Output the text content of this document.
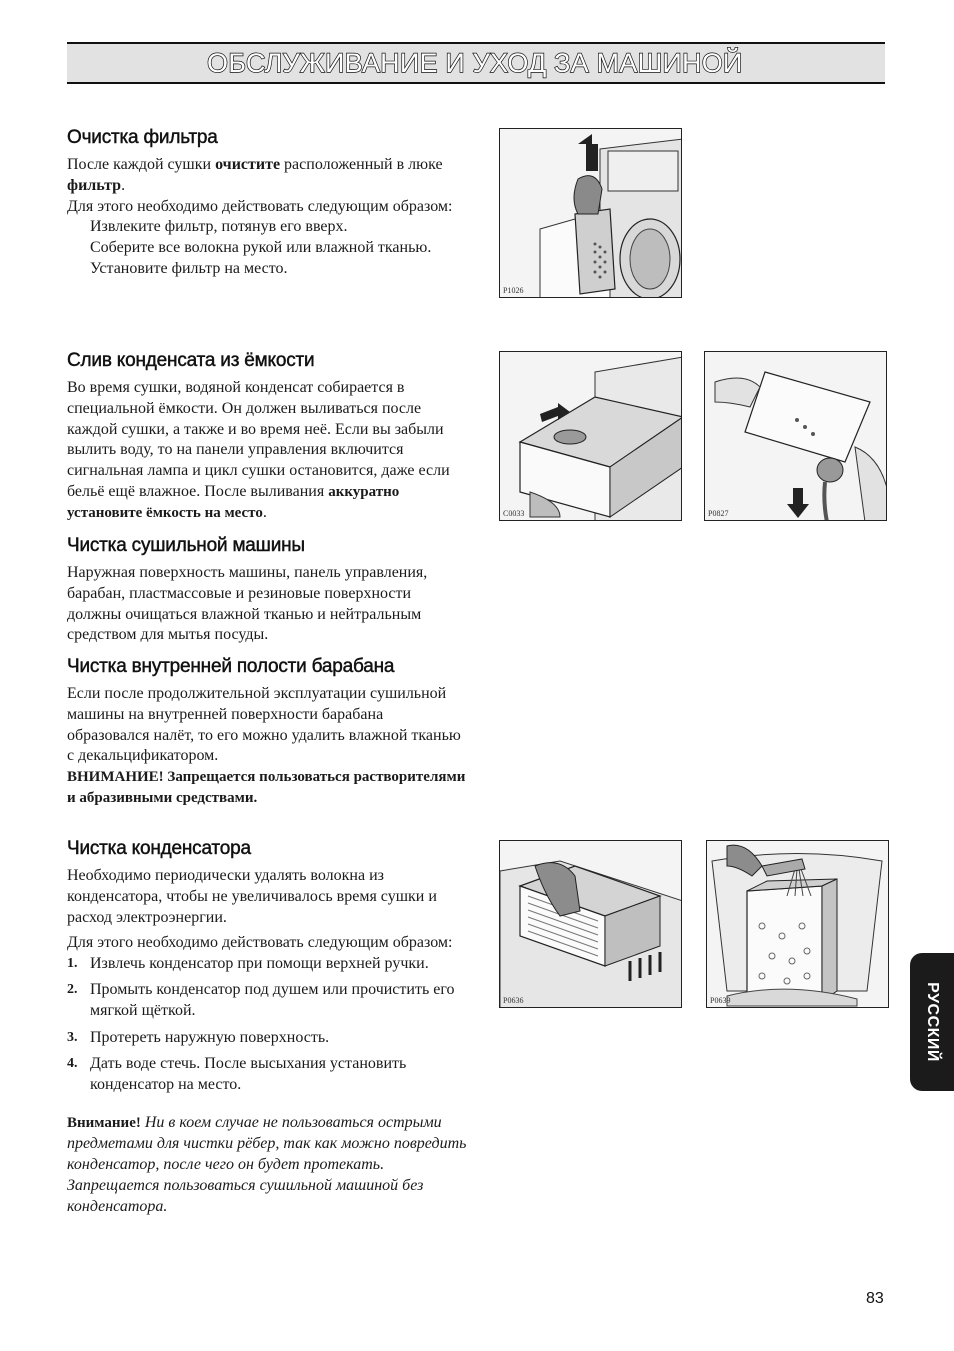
ОБСЛУЖИВАНИЕ И УХОД ЗА МАШИНОЙ
Очистка фильтра

После каждой сушки очистите расположенный в люке фильтр.

Для этого необходимо действовать следующим образом:

Извлеките фильтр, потянув его вверх.

Соберите все волокна рукой или влажной тканью.

Установите фильтр на место.

P1026
Слив конденсата из ёмкости

Во время сушки, водяной конденсат собирается в специальной ёмкости. Он должен выливаться после каждой сушки, а также и во время неё. Если вы забыли вылить воду, то на панели управления включится сигнальная лампа и цикл сушки остановится, даже если бельё ещё влажное. После выливания аккуратно установите ёмкость на место.	C0033	P0827
Чистка сушильной машины

Наружная поверхность машины, панель управления, барабан, пластмассовые и резиновые поверхности должны очищаться влажной тканью и нейтральным средством для мытья посуды.

Чистка внутренней полости барабана

Если после продолжительной эксплуатации сушильной машины на внутренней поверхности барабана образовался налёт, то его можно удалить влажной тканью с декальцификатором.

ВНИМАНИЕ! Запрещается пользоваться растворителями и абразивными средствами.

Чистка конденсатора

Необходимо периодически удалять волокна из конденсатора, чтобы не увеличивалось время сушки и расход электроэнергии.

Для этого необходимо действовать следующим образом:

1. Извлечь конденсатор при помощи верхней ручки.
2. Промыть конденсатор под душем или прочистить его мягкой щёткой.
3. Протереть наружную поверхность.
4. Дать воде стечь. После высыхания установить конденсатор на место.

Внимание! Ни в коем случае не пользоваться острыми предметами для чистки рёбер, так как можно повредить конденсатор, после чего он будет протекать.

Запрещается пользоваться сушильной машиной без конденсатора.

P0636	P0639	РУССКИЙ
83
